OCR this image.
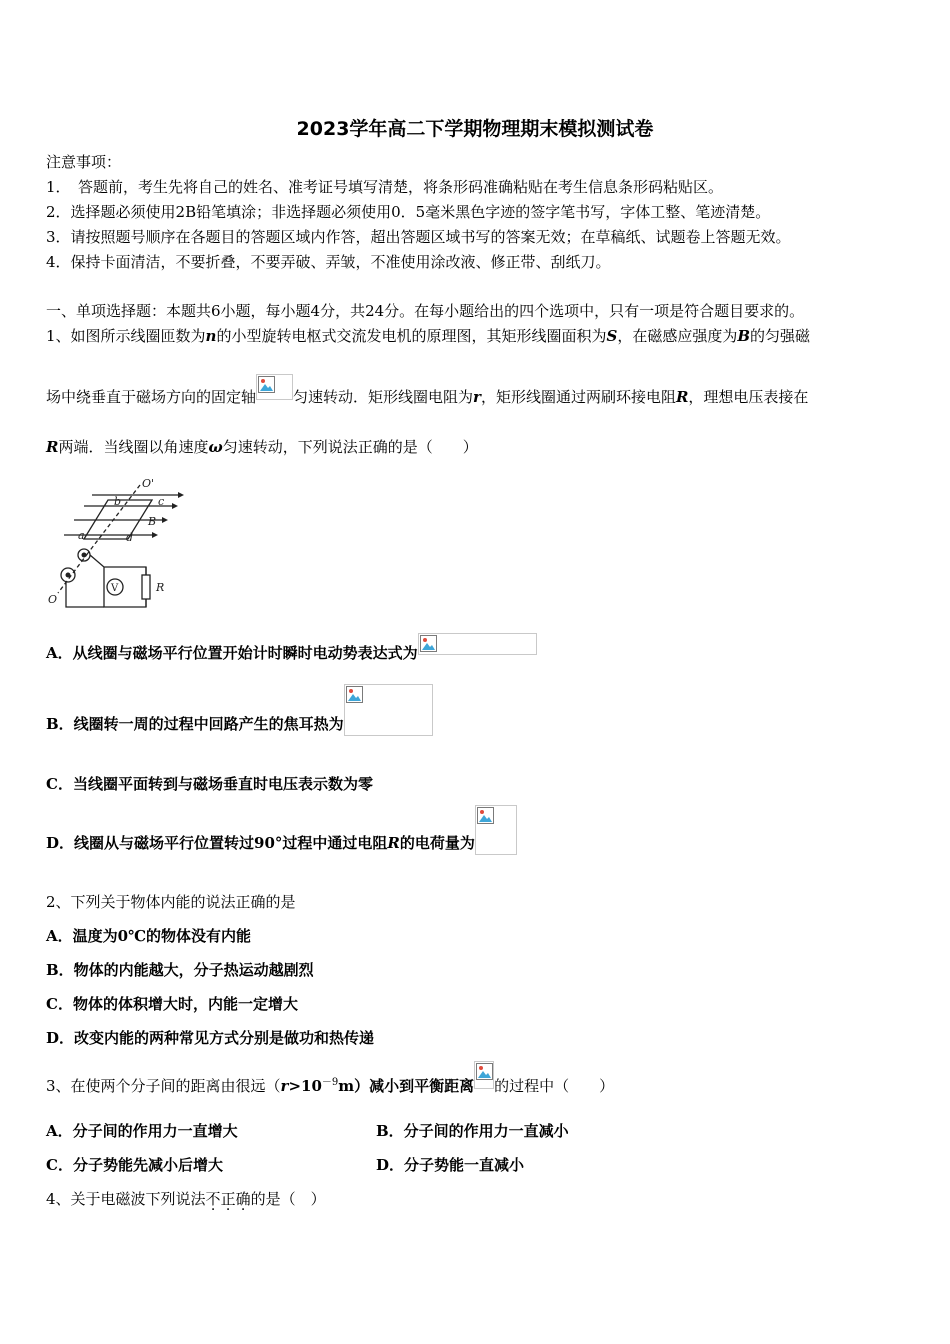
2023学年高二下学期物理期末模拟测试卷
注意事项：
1．　答题前，考生先将自己的姓名、准考证号填写清楚，将条形码准确粘贴在考生信息条形码粘贴区。
2．选择题必须使用2B铅笔填涂；非选择题必须使用0．5毫米黑色字迹的签字笔书写，字体工整、笔迹清楚。
3．请按照题号顺序在各题目的答题区域内作答，超出答题区域书写的答案无效；在草稿纸、试题卷上答题无效。
4．保持卡面清洁，不要折叠，不要弄破、弄皱，不准使用涂改液、修正带、刮纸刀。
一、单项选择题：本题共6小题，每小题4分，共24分。在每小题给出的四个选项中，只有一项是符合题目要求的。
1、如图所示线圈匝数为n的小型旋转电枢式交流发电机的原理图，其矩形线圈面积为S，在磁感应强度为B的匀强磁
场中绕垂直于磁场方向的固定轴 匀速转动．矩形线圈电阻为r，矩形线圈通过两刷环接电阻R，理想电压表接在
R两端．当线圈以角速度ω匀速转动，下列说法正确的是（　　）
O'
b	c
B
a	d
O
R
V
A．从线圈与磁场平行位置开始计时瞬时电动势表达式为
B．线圈转一周的过程中回路产生的焦耳热为
C．当线圈平面转到与磁场垂直时电压表示数为零
D．线圈从与磁场平行位置转过90°过程中通过电阻R的电荷量为
2、下列关于物体内能的说法正确的是
A．温度为0℃的物体没有内能
B．物体的内能越大，分子热运动越剧烈
C．物体的体积增大时，内能一定增大
D．改变内能的两种常见方式分别是做功和热传递
3、在使两个分子间的距离由很远$(r>10^{-9}m)$减小到平衡距离 的过程中（　　）
A．分子间的作用力一直增大	B．分子间的作用力一直减小
C．分子势能先减小后增大	D．分子势能一直减小
4、关于电磁波下列说法不正确的是（　）
